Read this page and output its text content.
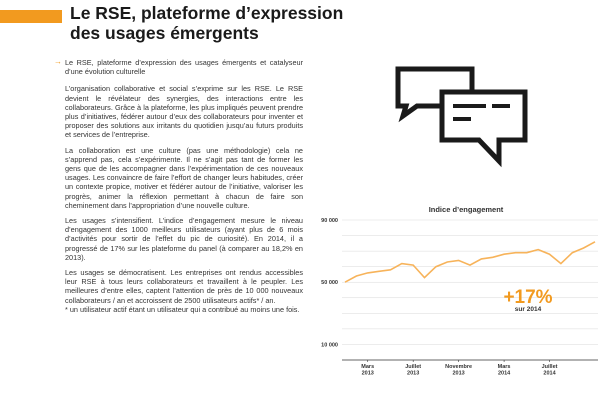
Le RSE, plateforme d’expression
des usages émergents

→ Le RSE, plateforme d’expression des usages émergents et catalyseur d’une évolution culturelle

L’organisation collaborative et social s’exprime sur les RSE. Le RSE devient le révélateur des synergies, des interactions entre les collaborateurs. Grâce à la plateforme, les plus impliqués peuvent prendre plus d’initiatives, fédérer autour d’eux des collaborateurs pour inventer et proposer des solutions aux irritants du quotidien jusqu’au futurs produits et services de l’entreprise.

La collaboration est une culture (pas une méthodologie) cela ne s’apprend pas, cela s’expérimente. Il ne s’agit pas tant de former les gens que de les accompagner dans l’expérimentation de ces nouveaux usages. Les convaincre de faire l’effort de changer leurs habitudes, créer un contexte propice, motiver et fédérer autour de l’initiative, valoriser les progrès, animer la réflexion permettant à chacun de faire son cheminement dans l’appropriation d’une nouvelle culture.

Les usages s’intensifient. L’indice d’engagement mesure le niveau d’engagement des 1000 meilleurs utilisateurs (ayant plus de 6 mois d’activités pour sortir de l’effet du pic de curiosité). En 2014, il a progressé de 17% sur les plateforme du panel (à comparer au 18,2% en 2013).

Les usages se démocratisent. Les entreprises ont rendus accessibles leur RSE à tous leurs collaborateurs et travaillent à le peupler. Les meilleures d’entre elles, captent l’attention de près de 10 000 nouveaux collaborateurs / an et accroissent de 2500 utilisateurs actifs* / an.

* un utilisateur actif étant un utilisateur qui a contribué au moins une fois.

Indice d’engagement
90 000
50 000
10 000
Mars 2013
Juillet 2013
Novembre 2013
Mars 2014
Juillet 2014
+17%
sur 2014
